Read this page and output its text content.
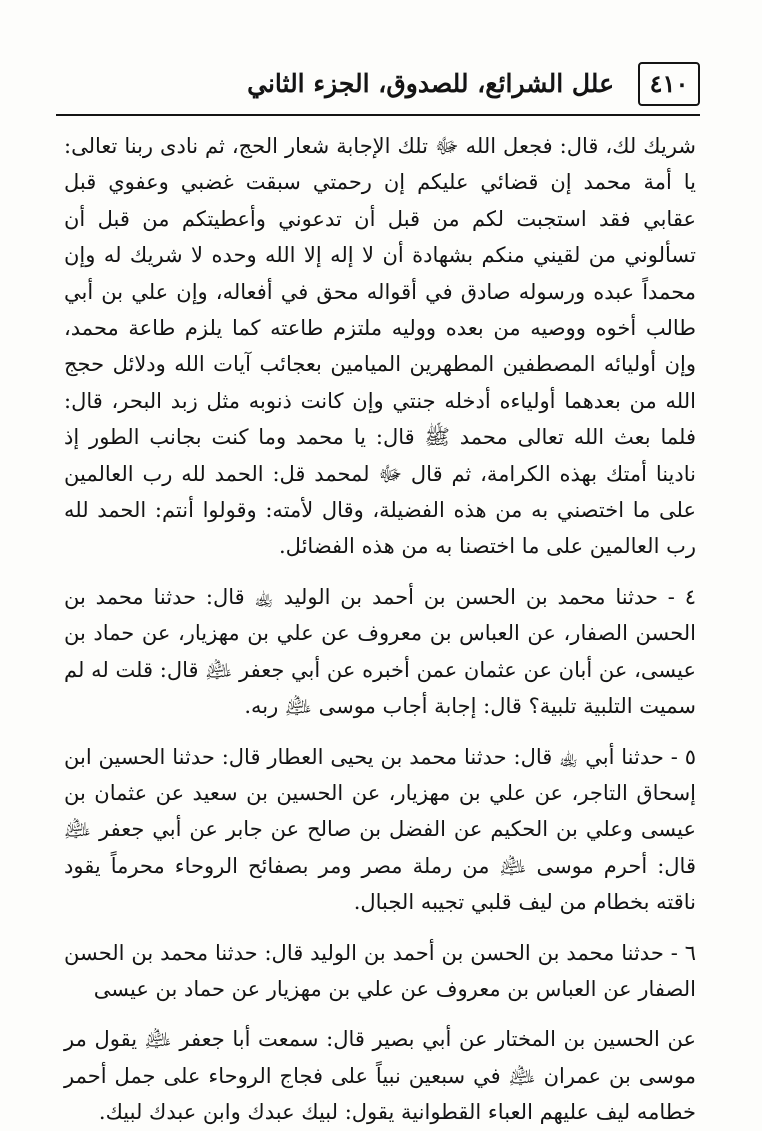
٤١٠
علل الشرائع، للصدوق، الجزء الثاني

شريك لك، قال: فجعل الله ﷻ تلك الإجابة شعار الحج، ثم نادى ربنا تعالى: يا أمة محمد إن قضائي عليكم إن رحمتي سبقت غضبي وعفوي قبل عقابي فقد استجبت لكم من قبل أن تدعوني وأعطيتكم من قبل أن تسألوني من لقيني منكم بشهادة أن لا إله إلا الله وحده لا شريك له وإن محمداً عبده ورسوله صادق في أقواله محق في أفعاله، وإن علي بن أبي طالب أخوه ووصيه من بعده ووليه ملتزم طاعته كما يلزم طاعة محمد، وإن أوليائه المصطفين المطهرين الميامين بعجائب آيات الله ودلائل حجج الله من بعدهما أولياءه أدخله جنتي وإن كانت ذنوبه مثل زبد البحر، قال: فلما بعث الله تعالى محمد ﷺ قال: يا محمد وما كنت بجانب الطور إذ نادينا أمتك بهذه الكرامة، ثم قال ﷻ لمحمد قل: الحمد لله رب العالمين على ما اختصني به من هذه الفضيلة، وقال لأمته: وقولوا أنتم: الحمد لله رب العالمين على ما اختصنا به من هذه الفضائل.

٤ - حدثنا محمد بن الحسن بن أحمد بن الوليد ﵀ قال: حدثنا محمد بن الحسن الصفار، عن العباس بن معروف عن علي بن مهزيار، عن حماد بن عيسى، عن أبان عن عثمان عمن أخبره عن أبي جعفر ﵇ قال: قلت له لم سميت التلبية تلبية؟ قال: إجابة أجاب موسى ﵇ ربه.

٥ - حدثنا أبي ﵀ قال: حدثنا محمد بن يحيى العطار قال: حدثنا الحسين ابن إسحاق التاجر، عن علي بن مهزيار، عن الحسين بن سعيد عن عثمان بن عيسى وعلي بن الحكيم عن الفضل بن صالح عن جابر عن أبي جعفر ﵇ قال: أحرم موسى ﵇ من رملة مصر ومر بصفائح الروحاء محرماً يقود ناقته بخطام من ليف قلبي تجيبه الجبال.

٦ - حدثنا محمد بن الحسن بن أحمد بن الوليد قال: حدثنا محمد بن الحسن الصفار عن العباس بن معروف عن علي بن مهزيار عن حماد بن عيسى

عن الحسين بن المختار عن أبي بصير قال: سمعت أبا جعفر ﵇ يقول مر موسى بن عمران ﵇ في سبعين نبياً على فجاج الروحاء على جمل أحمر خطامه ليف عليهم العباء القطوانية يقول: لبيك عبدك وابن عبدك لبيك.
